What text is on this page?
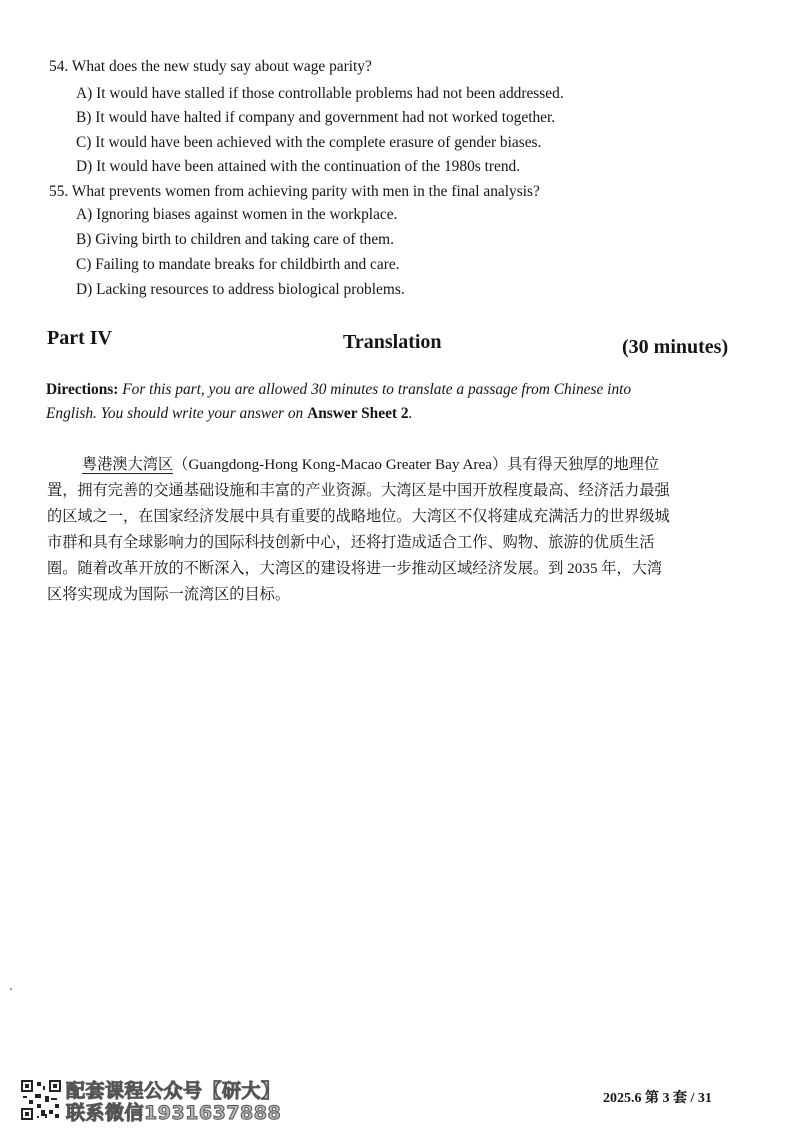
54. What does the new study say about wage parity?
A) It would have stalled if those controllable problems had not been addressed.
B) It would have halted if company and government had not worked together.
C) It would have been achieved with the complete erasure of gender biases.
D) It would have been attained with the continuation of the 1980s trend.
55. What prevents women from achieving parity with men in the final analysis?
A) Ignoring biases against women in the workplace.
B) Giving birth to children and taking care of them.
C) Failing to mandate breaks for childbirth and care.
D) Lacking resources to address biological problems.
Part IV	Translation	(30 minutes)
Directions: For this part, you are allowed 30 minutes to translate a passage from Chinese into
English. You should write your answer on Answer Sheet 2.
粤港澳大湾区（Guangdong-Hong Kong-Macao Greater Bay Area）具有得天独厚的地理位
置，拥有完善的交通基础设施和丰富的产业资源。大湾区是中国开放程度最高、经济活力最强
的区域之一，在国家经济发展中具有重要的战略地位。大湾区不仅将建成充满活力的世界级城
市群和具有全球影响力的国际科技创新中心，还将打造成适合工作、购物、旅游的优质生活
圈。随着改革开放的不断深入，大湾区的建设将进一步推动区域经济发展。到 2035 年，大湾
区将实现成为国际一流湾区的目标。
配套课程公众号【研大】
联系微信1931637888
2025.6 第 3 套 / 31
